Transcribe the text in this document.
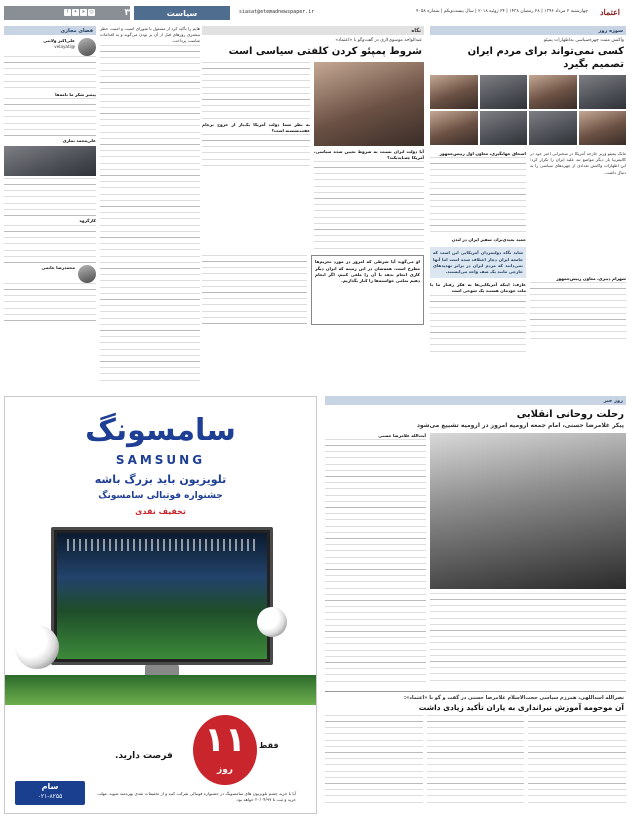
۳
◎
➤
✦
f	سیاست	siasat@etemadnewspaper.ir	چهارشنبه ۲ مرداد ۱۳۹۶ | ۲۸ رمضان ۱۴۳۸ | ۲۴ ژوئیه ۲۰۱۸ | سال بیست‌ویکم | شماره ۴۰۵۸	اعتماد
سوژه روز
واکنش مثبت چهره‌سیاسی به‌اظهارات پمپئو
کسی نمی‌تواند برای مردم ایران تصمیم بگیرد
مایک پمپئو وزیر خارجه آمریکا در سخنرانی اخیر خود در کالیفرنیا بار دیگر مواضع تند علیه ایران را تکرار کرد؛ این اظهارات واکنش تعدادی از چهره‌های سیاسی را به دنبال داشت.

شهرام دبیری، معاون رییس‌جمهور
اسحاق جهانگیری، معاون اول رییس‌جمهور
حمید بعیدی‌نژاد، سفیر ایران در لندن
شاید نگاه دولتمردان آمریکایی این است که جامعه ایران دچار اختلاف شده است اما آنها نمی‌دانند که مردم ایران در برابر تهدیدهای خارجی مانند یک صف واحد می‌ایستند.
عارف: اینکه آمریکایی‌ها به فکر رفتار ما با ملت خودمان هستند یک شوخی است
نگاه
عبدالواحد موسوی‌لاری در گفت‌وگو با «اعتماد»
شروط پمپئو کردن کلفتی سیاسی است
آیا دولت ایران نسبت به شروط تعیین شده سیاسی، آمریکا چه‌بایدبکند؟
به نظر شما دولت آمریکا یک‌بار از خروج برجام عقب‌نشسته است؟
او می‌گوید آیا شرطی که امروز در مورد تحریم‌ها مطرح است، همه‌شان در این زمینه که ایران دیگر کاری انجام ندهد یا آن را ملغی کنیم، اگر انجام دهیم تمامی خواسته‌ها را کنار بگذاریم.
هایم را تأکید کرد از مسئول با شورای امنیت و امنیت خطر بیشتری روزهای قبل از آن بر بودن می‌گوید و به اقدامات مناسب پرداخت.
فضای مجازی
علی‌اکبر ولایتی
@velayati
پیمبر شکر ما نامه‌ها
علی‌محمد نمازی
کارگروه
محمدرضا خاتمی
روز خبر
رحلت روحانی انقلابی
پیکر غلامرضا حسنی، امام جمعه ارومیه امروز در ارومیه تشییع می‌شود
آیت‌الله غلامرضا حسنی
نصرالله اسداللهی، همرزم سیاسی حجت‌الاسلام غلامرضا حسنی در گفت و گو با «اعتماد»:
آن موحومه آموزش نیرانداری به یاران تأکید زیادی داشت
سامسونگ
SAMSUNG
تلویزیون باید بزرگ باشه
جشنواره فوتبالی سامسونگ
تخفیف نقدی
فقط
۱۱
روز
فرصت دارید.
آیا با خرید چشم تلویزیون های سامسونگ در جشنواره فوتبالی شرکت کنید و از تخفیفات نقدی بهره‌مند شوید. مهلت خرید و ثبت تا ۲۰/۰۴/۹۷ خواهد بود.
سام
۰۲۱-۸۲۵۵
